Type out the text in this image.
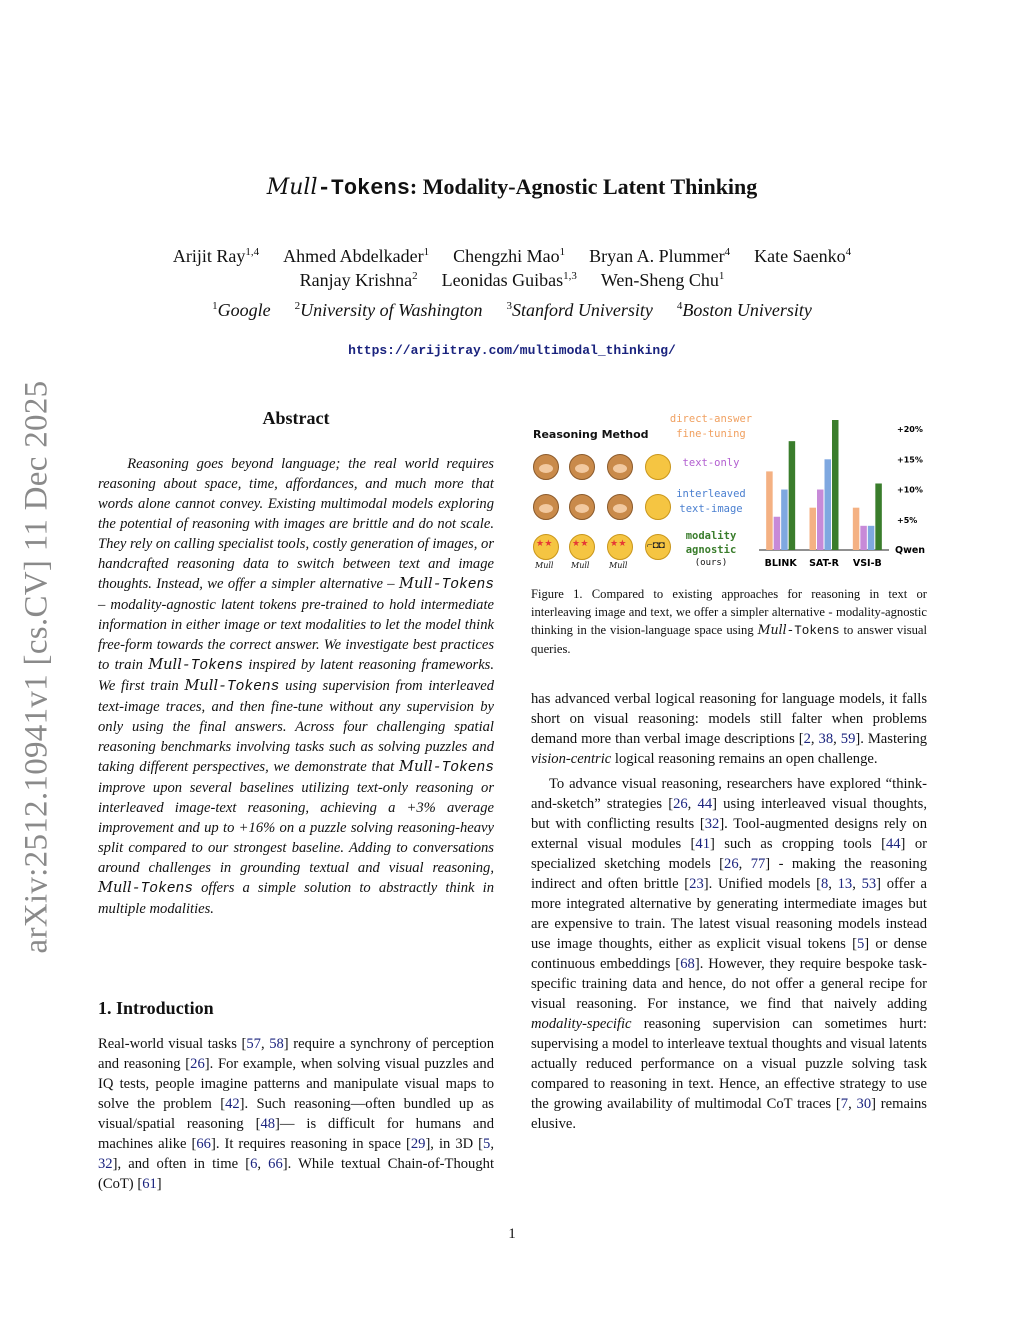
arXiv:2512.10941v1 [cs.CV] 11 Dec 2025
Mull-Tokens: Modality-Agnostic Latent Thinking
Arijit Ray$^{1,4}$ Ahmed Abdelkader$^1$ Chengzhi Mao$^1$ Bryan A. Plummer$^4$ Kate Saenko$^4$
Ranjay Krishna$^2$ Leonidas Guibas$^{1,3}$ Wen-Sheng Chu$^1$
$^1$Google $^2$University of Washington $^3$Stanford University $^4$Boston University
https://arijitray.com/multimodal_thinking/
Abstract
  Reasoning goes beyond language; the real world requires reasoning about space, time, affordances, and much more that words alone cannot convey. Existing multimodal models exploring the potential of reasoning with images are brittle and do not scale. They rely on calling specialist tools, costly generation of images, or handcrafted reasoning data to switch between text and image thoughts. Instead, we offer a simpler alternative – Mull-Tokens – modality-agnostic latent tokens pre-trained to hold intermediate information in either image or text modalities to let the model think free-form towards the correct answer. We investigate best practices to train Mull-Tokens inspired by latent reasoning frameworks. We first train Mull-Tokens using supervision from interleaved text-image traces, and then fine-tune without any supervision by only using the final answers. Across four challenging spatial reasoning benchmarks involving tasks such as solving puzzles and taking different perspectives, we demonstrate that Mull-Tokens improve upon several baselines utilizing text-only reasoning or interleaved image-text reasoning, achieving a +3% average improvement and up to +16% on a puzzle solving reasoning-heavy split compared to our strongest baseline. Adding to conversations around challenges in grounding textual and visual reasoning, Mull-Tokens offers a simple solution to abstractly think in multiple modalities.
1. Introduction
Real-world visual tasks [57, 58] require a synchrony of perception and reasoning [26]. For example, when solving visual puzzles and IQ tests, people imagine patterns and manipulate visual maps to solve the problem [42]. Such reasoning—often bundled up as visual/spatial reasoning [48]— is difficult for humans and machines alike [66]. It requires reasoning in space [29], in 3D [5, 32], and often in time [6, 66]. While textual Chain-of-Thought (CoT) [61]
Reasoning Method
direct-answer
fine-tuning
text-only
interleaved
text-image
modality
agnostic
(ours)
★ ★
★ ★
★ ★
⌐◘◘
Mull Mull Mull
+5%
+10%
+15%
+20%
Qwen
BLINK SAT-R VSI-B
Figure 1. Compared to existing approaches for reasoning in text or interleaving image and text, we offer a simpler alternative - modality-agnostic thinking in the vision-language space using Mull-Tokens to answer visual queries.

has advanced verbal logical reasoning for language models, it falls short on visual reasoning: models still falter when problems demand more than verbal image descriptions [2, 38, 59]. Mastering vision-centric logical reasoning remains an open challenge.

To advance visual reasoning, researchers have explored “think-and-sketch” strategies [26, 44] using interleaved visual thoughts, but with conflicting results [32]. Tool-augmented designs rely on external visual modules [41] such as cropping tools [44] or specialized sketching models [26, 77] - making the reasoning indirect and often brittle [23]. Unified models [8, 13, 53] offer a more integrated alternative by generating intermediate images but are expensive to train. The latest visual reasoning models instead use image thoughts, either as explicit visual tokens [5] or dense continuous embeddings [68]. However, they require bespoke task-specific training data and hence, do not offer a general recipe for visual reasoning. For instance, we find that naively adding modality-specific reasoning supervision can sometimes hurt: supervising a model to interleave textual thoughts and visual latents actually reduced performance on a visual puzzle solving task compared to reasoning in text. Hence, an effective strategy to use the growing availability of multimodal CoT traces [7, 30] remains elusive.

1
